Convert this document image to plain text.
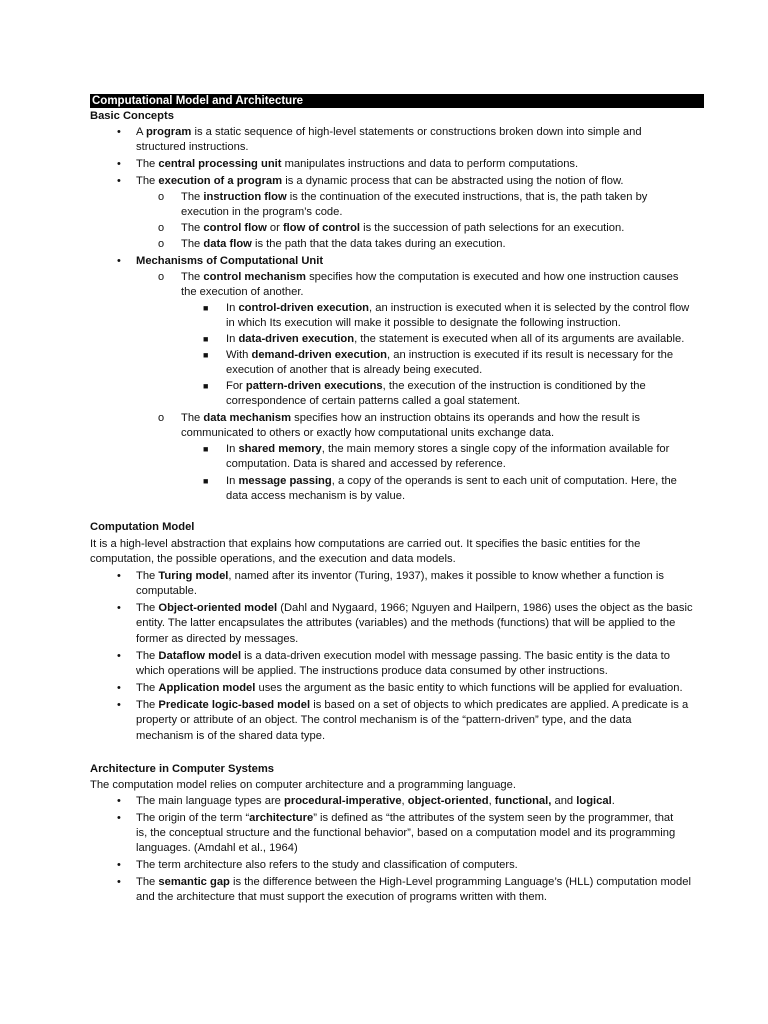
Computational Model and Architecture
Basic Concepts
• A program is a static sequence of high-level statements or constructions broken down into simple and
structured instructions.
• The central processing unit manipulates instructions and data to perform computations.
• The execution of a program is a dynamic process that can be abstracted using the notion of flow.
o The instruction flow is the continuation of the executed instructions, that is, the path taken by
execution in the program’s code.
o The control flow or flow of control is the succession of path selections for an execution.
o The data flow is the path that the data takes during an execution.
• Mechanisms of Computational Unit
o The control mechanism specifies how the computation is executed and how one instruction causes
the execution of another.
■ In control-driven execution, an instruction is executed when it is selected by the control flow
in which Its execution will make it possible to designate the following instruction.
■ In data-driven execution, the statement is executed when all of its arguments are available.
■ With demand-driven execution, an instruction is executed if its result is necessary for the
execution of another that is already being executed.
■ For pattern-driven executions, the execution of the instruction is conditioned by the
correspondence of certain patterns called a goal statement.
o The data mechanism specifies how an instruction obtains its operands and how the result is
communicated to others or exactly how computational units exchange data.
■ In shared memory, the main memory stores a single copy of the information available for
computation. Data is shared and accessed by reference.
■ In message passing, a copy of the operands is sent to each unit of computation. Here, the
data access mechanism is by value.
Computation Model
It is a high-level abstraction that explains how computations are carried out. It specifies the basic entities for the
computation, the possible operations, and the execution and data models.
• The Turing model, named after its inventor (Turing, 1937), makes it possible to know whether a function is
computable.
• The Object-oriented model (Dahl and Nygaard, 1966; Nguyen and Hailpern, 1986) uses the object as the basic
entity. The latter encapsulates the attributes (variables) and the methods (functions) that will be applied to the
former as directed by messages.
• The Dataflow model is a data-driven execution model with message passing. The basic entity is the data to
which operations will be applied. The instructions produce data consumed by other instructions.
• The Application model uses the argument as the basic entity to which functions will be applied for evaluation.
• The Predicate logic-based model is based on a set of objects to which predicates are applied. A predicate is a
property or attribute of an object. The control mechanism is of the “pattern-driven” type, and the data
mechanism is of the shared data type.
Architecture in Computer Systems
The computation model relies on computer architecture and a programming language.
• The main language types are procedural-imperative, object-oriented, functional, and logical.
• The origin of the term “architecture” is defined as “the attributes of the system seen by the programmer, that
is, the conceptual structure and the functional behavior”, based on a computation model and its programming
languages. (Amdahl et al., 1964)
• The term architecture also refers to the study and classification of computers.
• The semantic gap is the difference between the High-Level programming Language’s (HLL) computation model
and the architecture that must support the execution of programs written with them.
